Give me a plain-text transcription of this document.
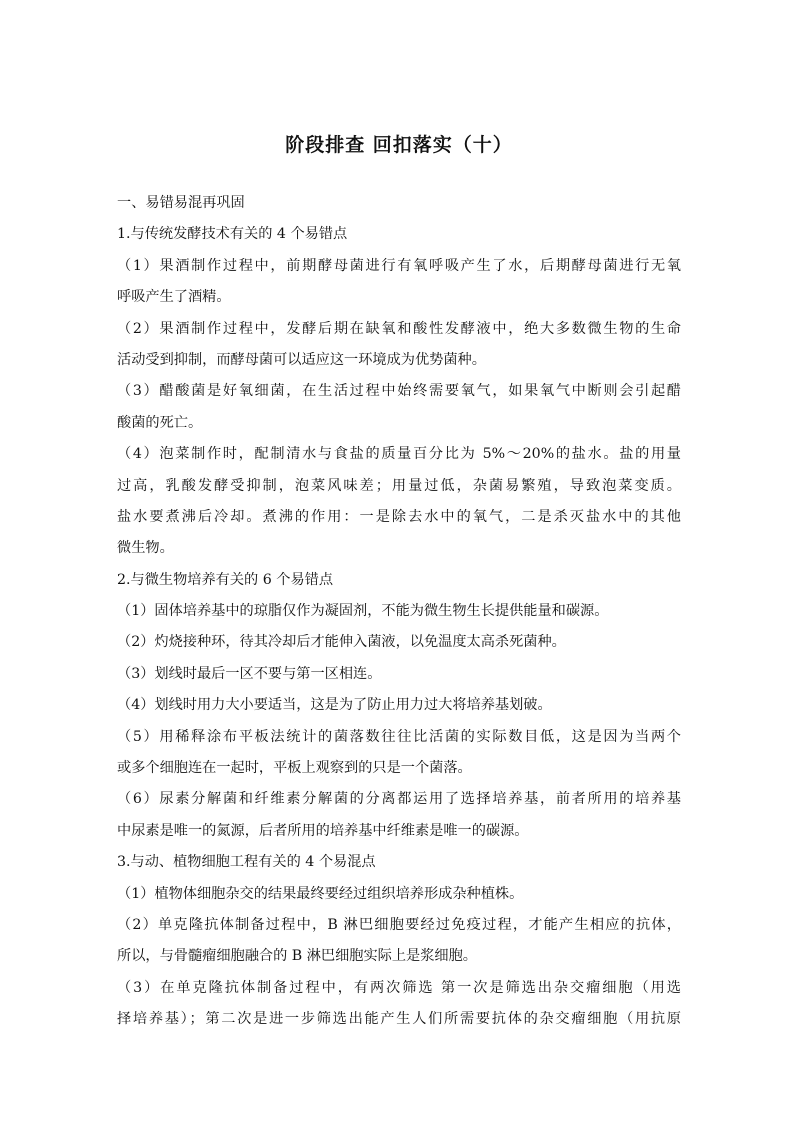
阶段排查 回扣落实（十）
一、易错易混再巩固
1.与传统发酵技术有关的 4 个易错点
（1）果酒制作过程中，前期酵母菌进行有氧呼吸产生了水，后期酵母菌进行无氧
呼吸产生了酒精。
（2）果酒制作过程中，发酵后期在缺氧和酸性发酵液中，绝大多数微生物的生命
活动受到抑制，而酵母菌可以适应这一环境成为优势菌种。
（3）醋酸菌是好氧细菌，在生活过程中始终需要氧气，如果氧气中断则会引起醋
酸菌的死亡。
（4）泡菜制作时，配制清水与食盐的质量百分比为 5%～20%的盐水。盐的用量
过高，乳酸发酵受抑制，泡菜风味差；用量过低，杂菌易繁殖，导致泡菜变质。
盐水要煮沸后冷却。煮沸的作用：一是除去水中的氧气，二是杀灭盐水中的其他
微生物。
2.与微生物培养有关的 6 个易错点
（1）固体培养基中的琼脂仅作为凝固剂，不能为微生物生长提供能量和碳源。
（2）灼烧接种环，待其冷却后才能伸入菌液，以免温度太高杀死菌种。
（3）划线时最后一区不要与第一区相连。
（4）划线时用力大小要适当，这是为了防止用力过大将培养基划破。
（5）用稀释涂布平板法统计的菌落数往往比活菌的实际数目低，这是因为当两个
或多个细胞连在一起时，平板上观察到的只是一个菌落。
（6）尿素分解菌和纤维素分解菌的分离都运用了选择培养基，前者所用的培养基
中尿素是唯一的氮源，后者所用的培养基中纤维素是唯一的碳源。
3.与动、植物细胞工程有关的 4 个易混点
（1）植物体细胞杂交的结果最终要经过组织培养形成杂种植株。
（2）单克隆抗体制备过程中，B 淋巴细胞要经过免疫过程，才能产生相应的抗体，
所以，与骨髓瘤细胞融合的 B 淋巴细胞实际上是浆细胞。
（3）在单克隆抗体制备过程中，有两次筛选 第一次是筛选出杂交瘤细胞（用选
择培养基）；第二次是进一步筛选出能产生人们所需要抗体的杂交瘤细胞（用抗原
